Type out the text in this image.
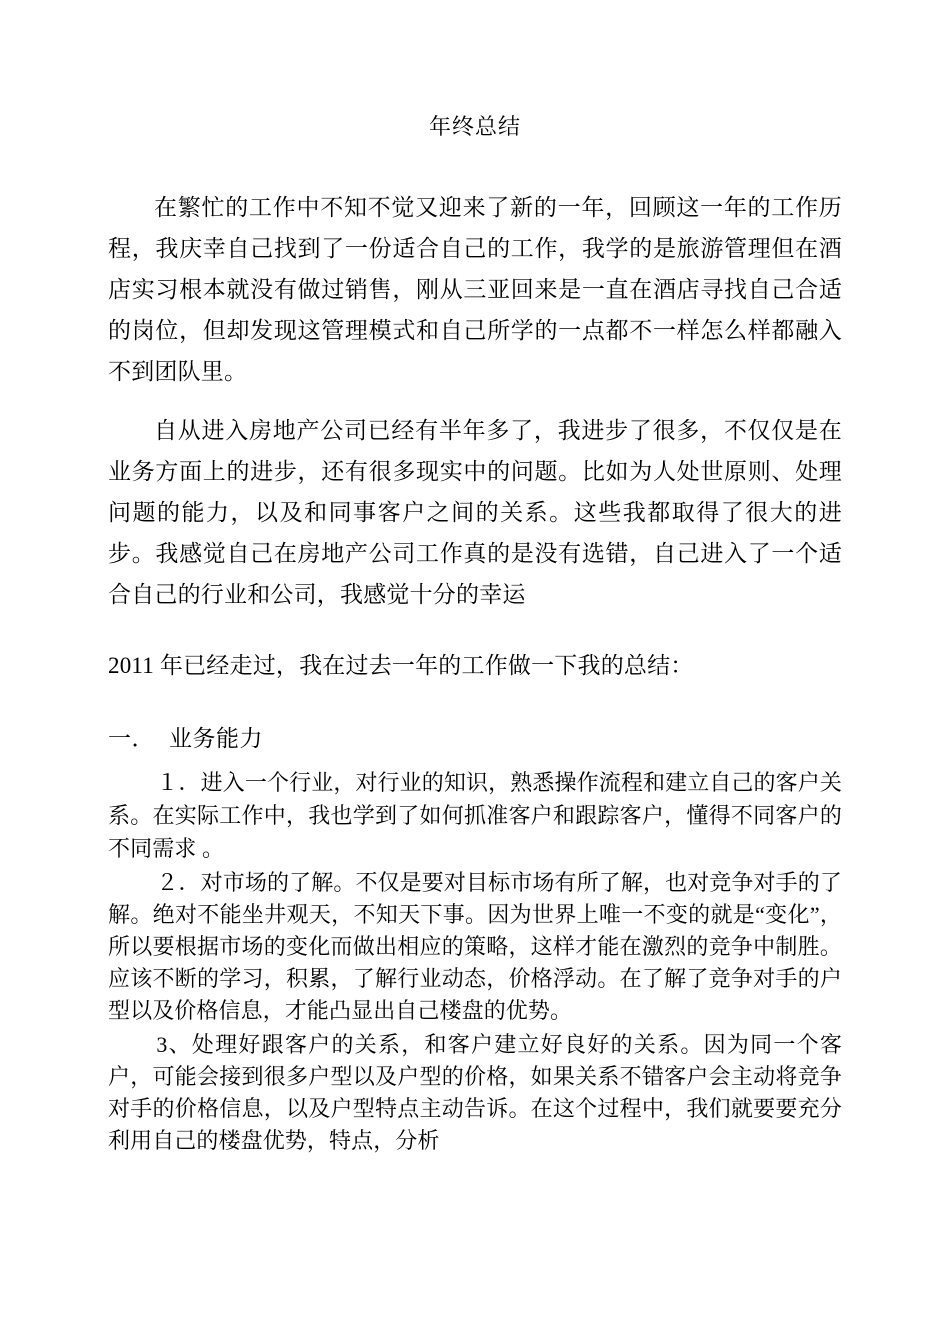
年终总结

在繁忙的工作中不知不觉又迎来了新的一年，回顾这一年的工作历程，我庆幸自己找到了一份适合自己的工作，我学的是旅游管理但在酒店实习根本就没有做过销售，刚从三亚回来是一直在酒店寻找自己合适的岗位，但却发现这管理模式和自己所学的一点都不一样怎么样都融入不到团队里。

自从进入房地产公司已经有半年多了，我进步了很多，不仅仅是在业务方面上的进步，还有很多现实中的问题。比如为人处世原则、处理问题的能力，以及和同事客户之间的关系。这些我都取得了很大的进步。我感觉自己在房地产公司工作真的是没有选错，自己进入了一个适合自己的行业和公司，我感觉十分的幸运

2011 年已经走过，我在过去一年的工作做一下我的总结：

一． 业务能力

１．进入一个行业，对行业的知识，熟悉操作流程和建立自己的客户关系。在实际工作中，我也学到了如何抓准客户和跟踪客户，懂得不同客户的不同需求 。

２．对市场的了解。不仅是要对目标市场有所了解，也对竞争对手的了解。绝对不能坐井观天，不知天下事。因为世界上唯一不变的就是“变化”，所以要根据市场的变化而做出相应的策略，这样才能在激烈的竞争中制胜。应该不断的学习，积累，了解行业动态，价格浮动。在了解了竞争对手的户型以及价格信息，才能凸显出自己楼盘的优势。

3、处理好跟客户的关系，和客户建立好良好的关系。因为同一个客户，可能会接到很多户型以及户型的价格，如果关系不错客户会主动将竞争对手的价格信息，以及户型特点主动告诉。在这个过程中，我们就要要充分利用自己的楼盘优势，特点，分析
